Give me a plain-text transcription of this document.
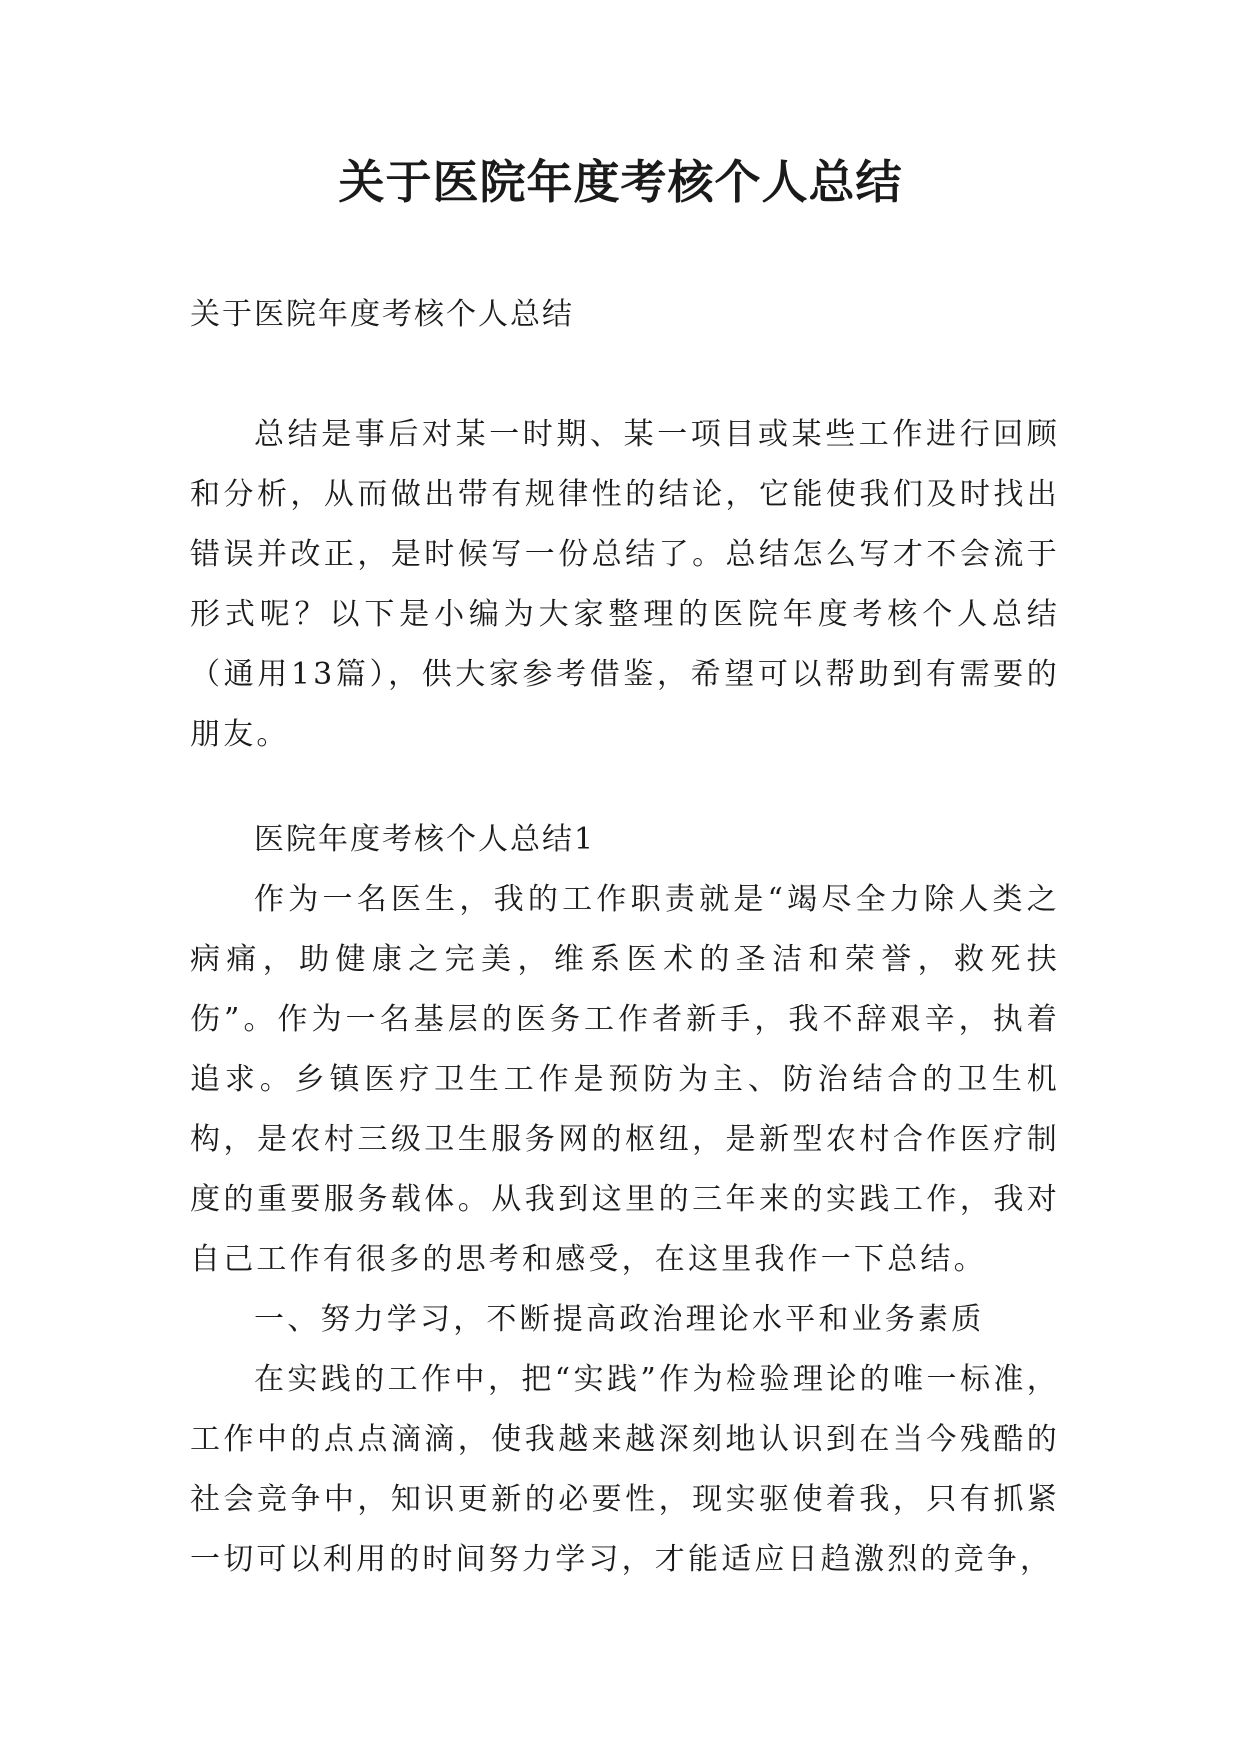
关于医院年度考核个人总结

关于医院年度考核个人总结

总结是事后对某一时期、某一项目或某些工作进行回顾和分析，从而做出带有规律性的结论，它能使我们及时找出错误并改正，是时候写一份总结了。总结怎么写才不会流于形式呢？以下是小编为大家整理的医院年度考核个人总结（通用13篇），供大家参考借鉴，希望可以帮助到有需要的朋友。

医院年度考核个人总结1

作为一名医生，我的工作职责就是“竭尽全力除人类之病痛，助健康之完美，维系医术的圣洁和荣誉，救死扶伤”。作为一名基层的医务工作者新手，我不辞艰辛，执着追求。乡镇医疗卫生工作是预防为主、防治结合的卫生机构，是农村三级卫生服务网的枢纽，是新型农村合作医疗制度的重要服务载体。从我到这里的三年来的实践工作，我对自己工作有很多的思考和感受，在这里我作一下总结。

一、努力学习，不断提高政治理论水平和业务素质

在实践的工作中，把“实践”作为检验理论的唯一标准，工作中的点点滴滴，使我越来越深刻地认识到在当今残酷的社会竞争中，知识更新的必要性，现实驱使着我，只有抓紧一切可以利用的时间努力学习，才能适应日趋激烈的竞争，
